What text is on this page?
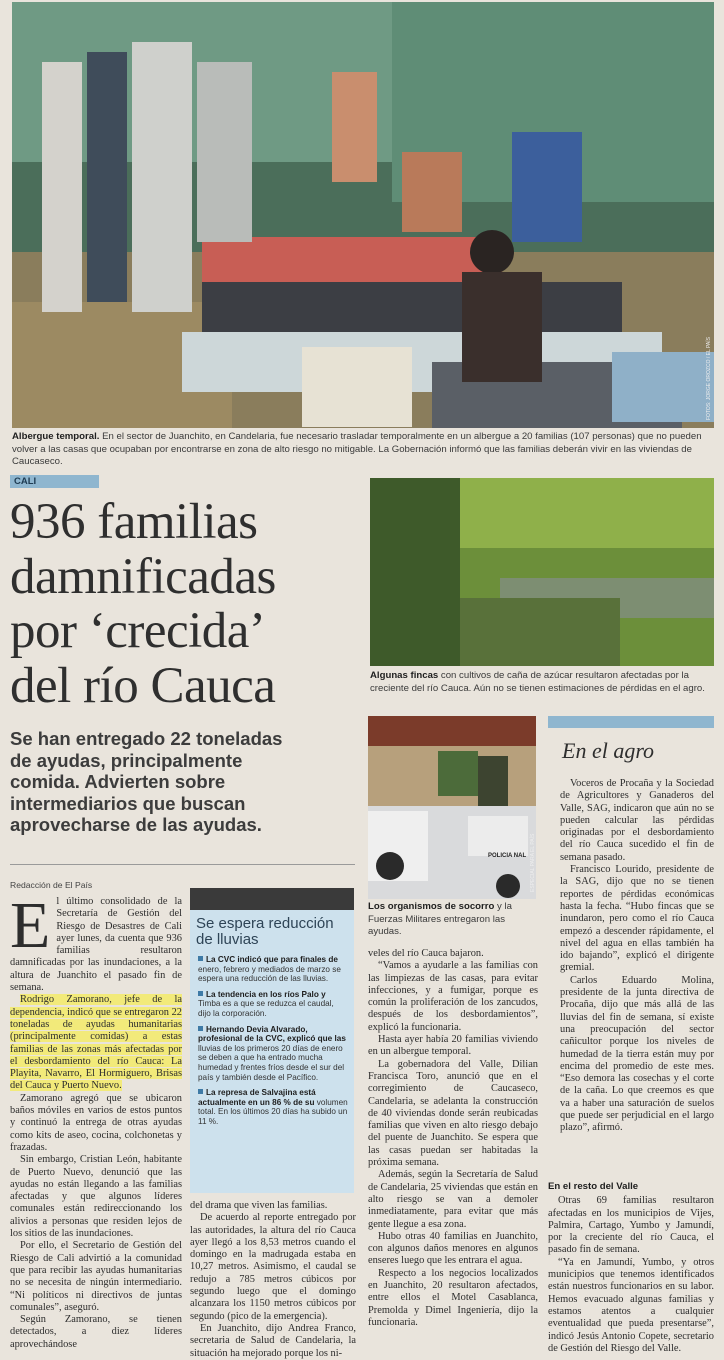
FOTOS: JORGE OROZCO / EL PAÍS
Albergue temporal. En el sector de Juanchito, en Candelaria, fue necesario trasladar temporalmente en un albergue a 20 familias (107 personas) que no pueden volver a las casas que ocupaban por encontrarse en zona de alto riesgo no mitigable. La Gobernación informó que las familias deberán vivir en las viviendas de Caucaseco.
CALI
936 familias
damnificadas
por ‘crecida’
del río Cauca
Se han entregado 22 toneladas
de ayudas, principalmente
comida. Advierten sobre
intermediarios que buscan
aprovecharse de las ayudas.
Algunas fincas con cultivos de caña de azúcar resultaron afectadas por la creciente del río Cauca. Aún no se tienen estimaciones de pérdidas en el agro.
POLICIA NAL ESPECIAL PARA EL PAÍS
Los organismos de socorro y la Fuerzas Militares entregaron las ayudas.
Redacción de El País

El último consolidado de la Secretaría de Gestión del Riesgo de Desastres de Cali ayer lunes, da cuenta que 936 familias resultaron damnificadas por las inundaciones, a la altura de Juanchito el pasado fin de semana.

Rodrigo Zamorano, jefe de la dependencia, indicó que se entregaron 22 toneladas de ayudas humanitarias (principalmente comidas) a estas familias de las zonas más afectadas por el desbordamiento del río Cauca: La Playita, Navarro, El Hormiguero, Brisas del Cauca y Puerto Nuevo.

Zamorano agregó que se ubicaron baños móviles en varios de estos puntos y continuó la entrega de otras ayudas como kits de aseo, cocina, colchonetas y frazadas.

Sin embargo, Cristian León, habitante de Puerto Nuevo, denunció que las ayudas no están llegando a las familias afectadas y que algunos líderes comunales están redireccionando los alivios a personas que residen lejos de los sitios de las inundaciones.

Por ello, el Secretario de Gestión del Riesgo de Cali advirtió a la comunidad que para recibir las ayudas humanitarias no se necesita de ningún intermediario. “Ni políticos ni directivos de juntas comunales”, aseguró.

Según Zamorano, se tienen detectados, a diez líderes aprovechándose

Se espera reducción de lluvias
La CVC indicó que para finales de enero, febrero y mediados de marzo se espera una reducción de las lluvias.
La tendencia en los ríos Palo y Timba es a que se reduzca el caudal, dijo la corporación.
Hernando Devia Alvarado, profesional de la CVC, explicó que las lluvias de los primeros 20 días de enero se deben a que ha entrado mucha humedad y frentes fríos desde el sur del país y también desde el Pacífico.
La represa de Salvajina está actualmente en un 86 % de su volumen total. En los últimos 20 días ha subido un 11 %.

del drama que viven las familias.

De acuerdo al reporte entregado por las autoridades, la altura del río Cauca ayer llegó a los 8,53 metros cuando el domingo en la madrugada estaba en 10,27 metros. Asimismo, el caudal se redujo a 785 metros cúbicos por segundo luego que el domingo alcanzara los 1150 metros cúbicos por segundo (pico de la emergencia).

En Juanchito, dijo Andrea Franco, secretaria de Salud de Candelaria, la situación ha mejorado porque los ni-

veles del río Cauca bajaron.

“Vamos a ayudarle a las familias con las limpiezas de las casas, para evitar infecciones, y a fumigar, porque es común la proliferación de los zancudos, después de los desbordamientos”, explicó la funcionaria.

Hasta ayer había 20 familias viviendo en un albergue temporal.

La gobernadora del Valle, Dilian Francisca Toro, anunció que en el corregimiento de Caucaseco, Candelaria, se adelanta la construcción de 40 viviendas donde serán reubicadas familias que viven en alto riesgo debajo del puente de Juanchito. Se espera que las casas puedan ser habitadas la próxima semana.

Además, según la Secretaría de Salud de Candelaria, 25 viviendas que están en alto riesgo se van a demoler inmediatamente, para evitar que más gente llegue a esa zona.

Hubo otras 40 familias en Juanchito, con algunos daños menores en algunos enseres luego que les entrara el agua.

Respecto a los negocios localizados en Juanchito, 20 resultaron afectados, entre ellos el Motel Casablanca, Premolda y Dimel Ingeniería, dijo la funcionaria.

En el agro

Voceros de Procaña y la Sociedad de Agricultores y Ganaderos del Valle, SAG, indicaron que aún no se pueden calcular las pérdidas originadas por el desbordamiento del río Cauca sucedido el fin de semana pasado.

Francisco Lourido, presidente de la SAG, dijo que no se tienen reportes de pérdidas económicas hasta la fecha. “Hubo fincas que se inundaron, pero como el río Cauca empezó a descender rápidamente, el nivel del agua en ellas también ha ido bajando”, explicó el dirigente gremial.

Carlos Eduardo Molina, presidente de la junta directiva de Procaña, dijo que más allá de las lluvias del fin de semana, sí existe una preocupación del sector cañicultor porque los niveles de humedad de la tierra están muy por encima del promedio de este mes. “Eso demora las cosechas y el corte de la caña. Lo que creemos es que va a haber una saturación de suelos que puede ser perjudicial en el largo plazo”, afirmó.

En el resto del Valle

Otras 69 familias resultaron afectadas en los municipios de Vijes, Palmira, Cartago, Yumbo y Jamundí, por la creciente del río Cauca, el pasado fin de semana.

“Ya en Jamundí, Yumbo, y otros municipios que tenemos identificados están nuestros funcionarios en su labor. Hemos evacuado algunas familias y estamos atentos a cualquier eventualidad que pueda presentarse”, indicó Jesús Antonio Copete, secretario de Gestión del Riesgo del Valle.
